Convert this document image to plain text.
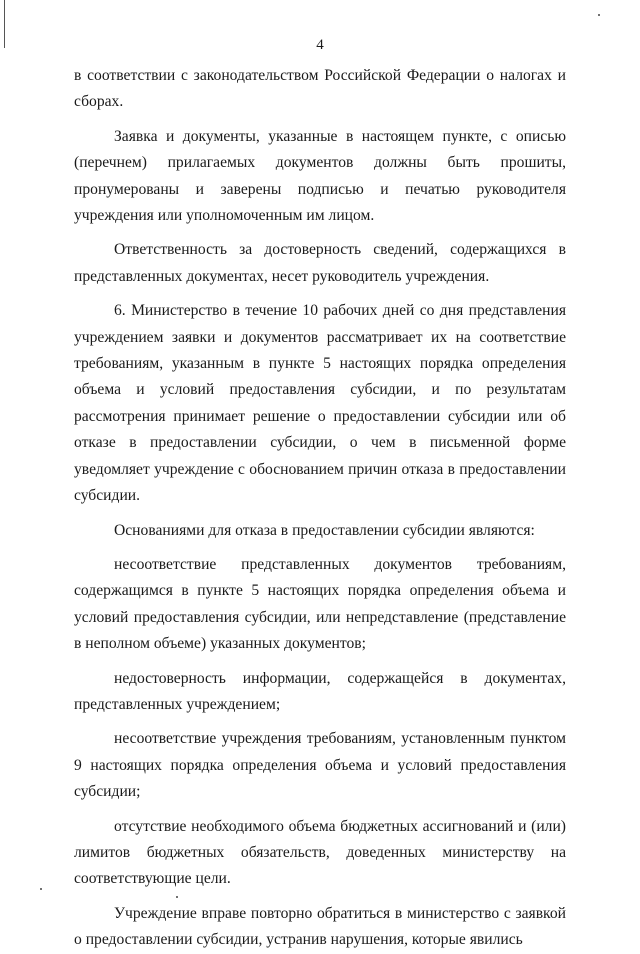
4

в соответствии с законодательством Российской Федерации о налогах и сборах.

Заявка и документы, указанные в настоящем пункте, с описью (перечнем) прилагаемых документов должны быть прошиты, пронумерованы и заверены подписью и печатью руководителя учреждения или уполномоченным им лицом.

Ответственность за достоверность сведений, содержащихся в представленных документах, несет руководитель учреждения.

6. Министерство в течение 10 рабочих дней со дня представления учреждением заявки и документов рассматривает их на соответствие требованиям, указанным в пункте 5 настоящих порядка определения объема и условий предоставления субсидии, и по результатам рассмотрения принимает решение о предоставлении субсидии или об отказе в предоставлении субсидии, о чем в письменной форме уведомляет учреждение с обоснованием причин отказа в предоставлении субсидии.

Основаниями для отказа в предоставлении субсидии являются:

несоответствие представленных документов требованиям, содержащимся в пункте 5 настоящих порядка определения объема и условий предоставления субсидии, или непредставление (представление в неполном объеме) указанных документов;

недостоверность информации, содержащейся в документах, представленных учреждением;

несоответствие учреждения требованиям, установленным пунктом 9 настоящих порядка определения объема и условий предоставления субсидии;

отсутствие необходимого объема бюджетных ассигнований и (или) лимитов бюджетных обязательств, доведенных министерству на соответствующие цели.

Учреждение вправе повторно обратиться в министерство с заявкой о предоставлении субсидии, устранив нарушения, которые явились
